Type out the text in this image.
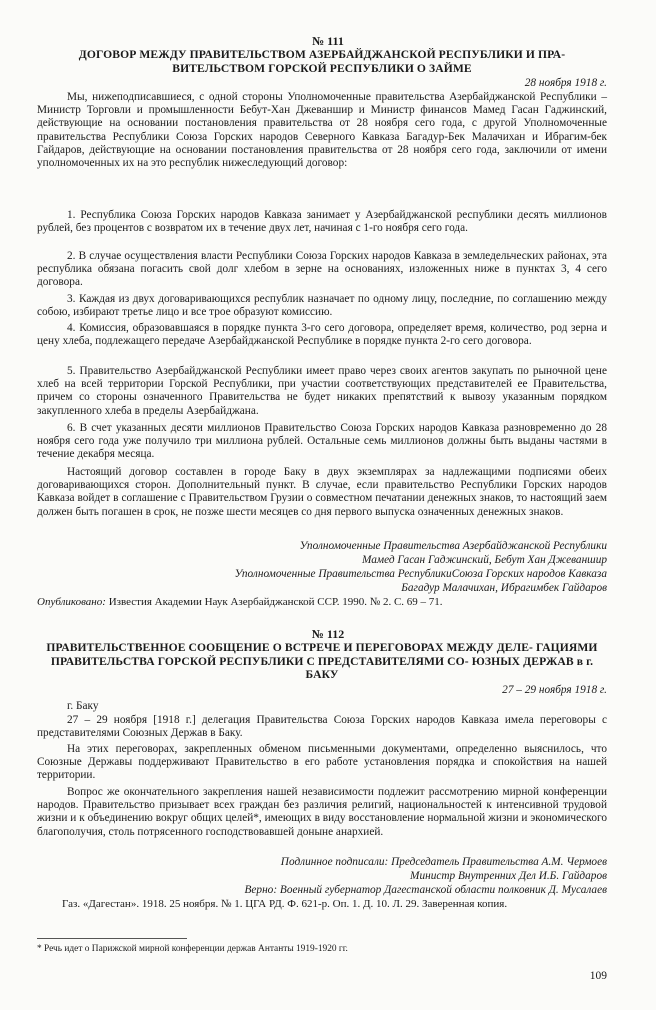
№ 111

ДОГОВОР МЕЖДУ ПРАВИТЕЛЬСТВОМ АЗЕРБАЙДЖАНСКОЙ РЕСПУБЛИКИ И ПРА- ВИТЕЛЬСТВОМ ГОРСКОЙ РЕСПУБЛИКИ О ЗАЙМЕ

28 ноября 1918 г.

Мы, нижеподписавшиеся, с одной стороны Уполномоченные правительства Азербайджанской Республики – Министр Торговли и промышленности Бебут-Хан Джеваншир и Министр финансов Мамед Гасан Гаджинский, действующие на основании постановления правительства от 28 ноября сего года, с другой Уполномоченные правительства Республики Союза Горских народов Северного Кавказа Багадур-Бек Малачихан и Ибрагим-бек Гайдаров, действующие на основании постановления правительства от 28 ноября сего года, заключили от имени уполномоченных их на это республик нижеследующий договор:

1. Республика Союза Горских народов Кавказа занимает у Азербайджанской республики десять миллионов рублей, без процентов с возвратом их в течение двух лет, начиная с 1-го ноября сего года.

2. В случае осуществления власти Республики Союза Горских народов Кавказа в земледельческих районах, эта республика обязана погасить свой долг хлебом в зерне на основаниях, изложенных ниже в пунктах 3, 4 сего договора.

3. Каждая из двух договаривающихся республик назначает по одному лицу, последние, по соглашению между собою, избирают третье лицо и все трое образуют комиссию.

4. Комиссия, образовавшаяся в порядке пункта 3-го сего договора, определяет время, количество, род зерна и цену хлеба, подлежащего передаче Азербайджанской Республике в порядке пункта 2-го сего договора.

5. Правительство Азербайджанской Республики имеет право через своих агентов закупать по рыночной цене хлеб на всей территории Горской Республики, при участии соответствующих представителей ее Правительства, причем со стороны означенного Правительства не будет никаких препятствий к вывозу указанным порядком закупленного хлеба в пределы Азербайджана.

6. В счет указанных десяти миллионов Правительство Союза Горских народов Кавказа разновременно до 28 ноября сего года уже получило три миллиона рублей. Остальные семь миллионов должны быть выданы частями в течение декабря месяца.

Настоящий договор составлен в городе Баку в двух экземплярах за надлежащими подписями обеих договаривающихся сторон. Дополнительный пункт. В случае, если правительство Республики Горских народов Кавказа войдет в соглашение с Правительством Грузии о совместном печатании денежных знаков, то настоящий заем должен быть погашен в срок, не позже шести месяцев со дня первого выпуска означенных денежных знаков.

Уполномоченные Правительства Азербайджанской Республики

Мамед Гасан Гаджинский, Бебут Хан Джеваншир

Уполномоченные Правительства РеспубликиСоюза Горских народов Кавказа

Багадур Малачихан, Ибрагимбек Гайдаров

Опубликовано: Известия Академии Наук Азербайджанской ССР. 1990. № 2. С. 69 – 71.

№ 112

ПРАВИТЕЛЬСТВЕННОЕ СООБЩЕНИЕ О ВСТРЕЧЕ И ПЕРЕГОВОРАХ МЕЖДУ ДЕЛЕ- ГАЦИЯМИ ПРАВИТЕЛЬСТВА ГОРСКОЙ РЕСПУБЛИКИ С ПРЕДСТАВИТЕЛЯМИ СО- ЮЗНЫХ ДЕРЖАВ в г. БАКУ

27 – 29 ноября 1918 г.

г. Баку

27 – 29 ноября [1918 г.] делегация Правительства Союза Горских народов Кавказа имела переговоры с представителями Союзных Держав в Баку.

На этих переговорах, закрепленных обменом письменными документами, определенно выяснилось, что Союзные Державы поддерживают Правительство в его работе установления порядка и спокойствия на нашей территории.

Вопрос же окончательного закрепления нашей независимости подлежит рассмотрению мирной конференции народов. Правительство призывает всех граждан без различия религий, национальностей к интенсивной трудовой жизни и к объединению вокруг общих целей*, имеющих в виду восстановление нормальной жизни и экономического благополучия, столь потрясенного господствовавшей доныне анархией.

Подлинное подписали: Председатель Правительства А.М. Чермоев

Министр Внутренних Дел И.Б. Гайдаров

Верно: Военный губернатор Дагестанской области полковник Д. Мусалаев

Газ. «Дагестан». 1918. 25 ноября. № 1. ЦГА РД. Ф. 621-р. Оп. 1. Д. 10. Л. 29. Заверенная копия.

* Речь идет о Парижской мирной конференции держав Антанты 1919-1920 гг.

109
